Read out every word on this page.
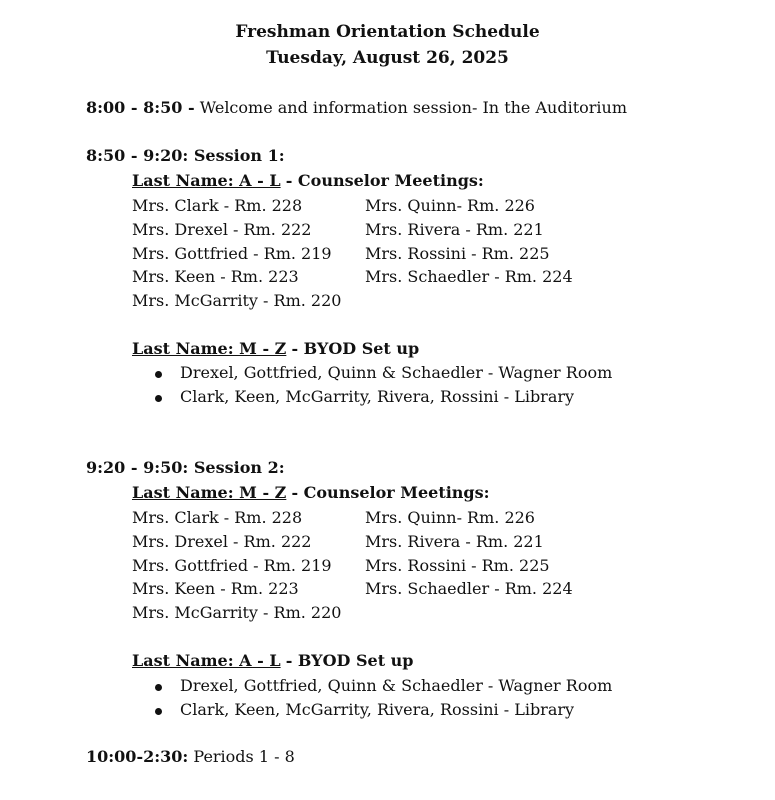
Freshman Orientation Schedule
Tuesday, August 26, 2025
8:00 - 8:50 - Welcome and information session- In the Auditorium
8:50 - 9:20: Session 1:
Last Name: A - L - Counselor Meetings:
Mrs. Clark - Rm. 228
Mrs. Drexel - Rm. 222
Mrs. Gottfried - Rm. 219
Mrs. Keen - Rm. 223
Mrs. McGarrity - Rm. 220
Mrs. Quinn- Rm. 226
Mrs. Rivera - Rm. 221
Mrs. Rossini - Rm. 225
Mrs. Schaedler - Rm. 224
Last Name: M - Z - BYOD Set up
Drexel, Gottfried, Quinn & Schaedler - Wagner Room
Clark, Keen, McGarrity, Rivera, Rossini - Library
9:20 - 9:50: Session 2:
Last Name: M - Z - Counselor Meetings:
Mrs. Clark - Rm. 228
Mrs. Drexel - Rm. 222
Mrs. Gottfried - Rm. 219
Mrs. Keen - Rm. 223
Mrs. McGarrity - Rm. 220
Mrs. Quinn- Rm. 226
Mrs. Rivera - Rm. 221
Mrs. Rossini - Rm. 225
Mrs. Schaedler - Rm. 224
Last Name: A - L - BYOD Set up
Drexel, Gottfried, Quinn & Schaedler - Wagner Room
Clark, Keen, McGarrity, Rivera, Rossini - Library
10:00-2:30: Periods 1 - 8
